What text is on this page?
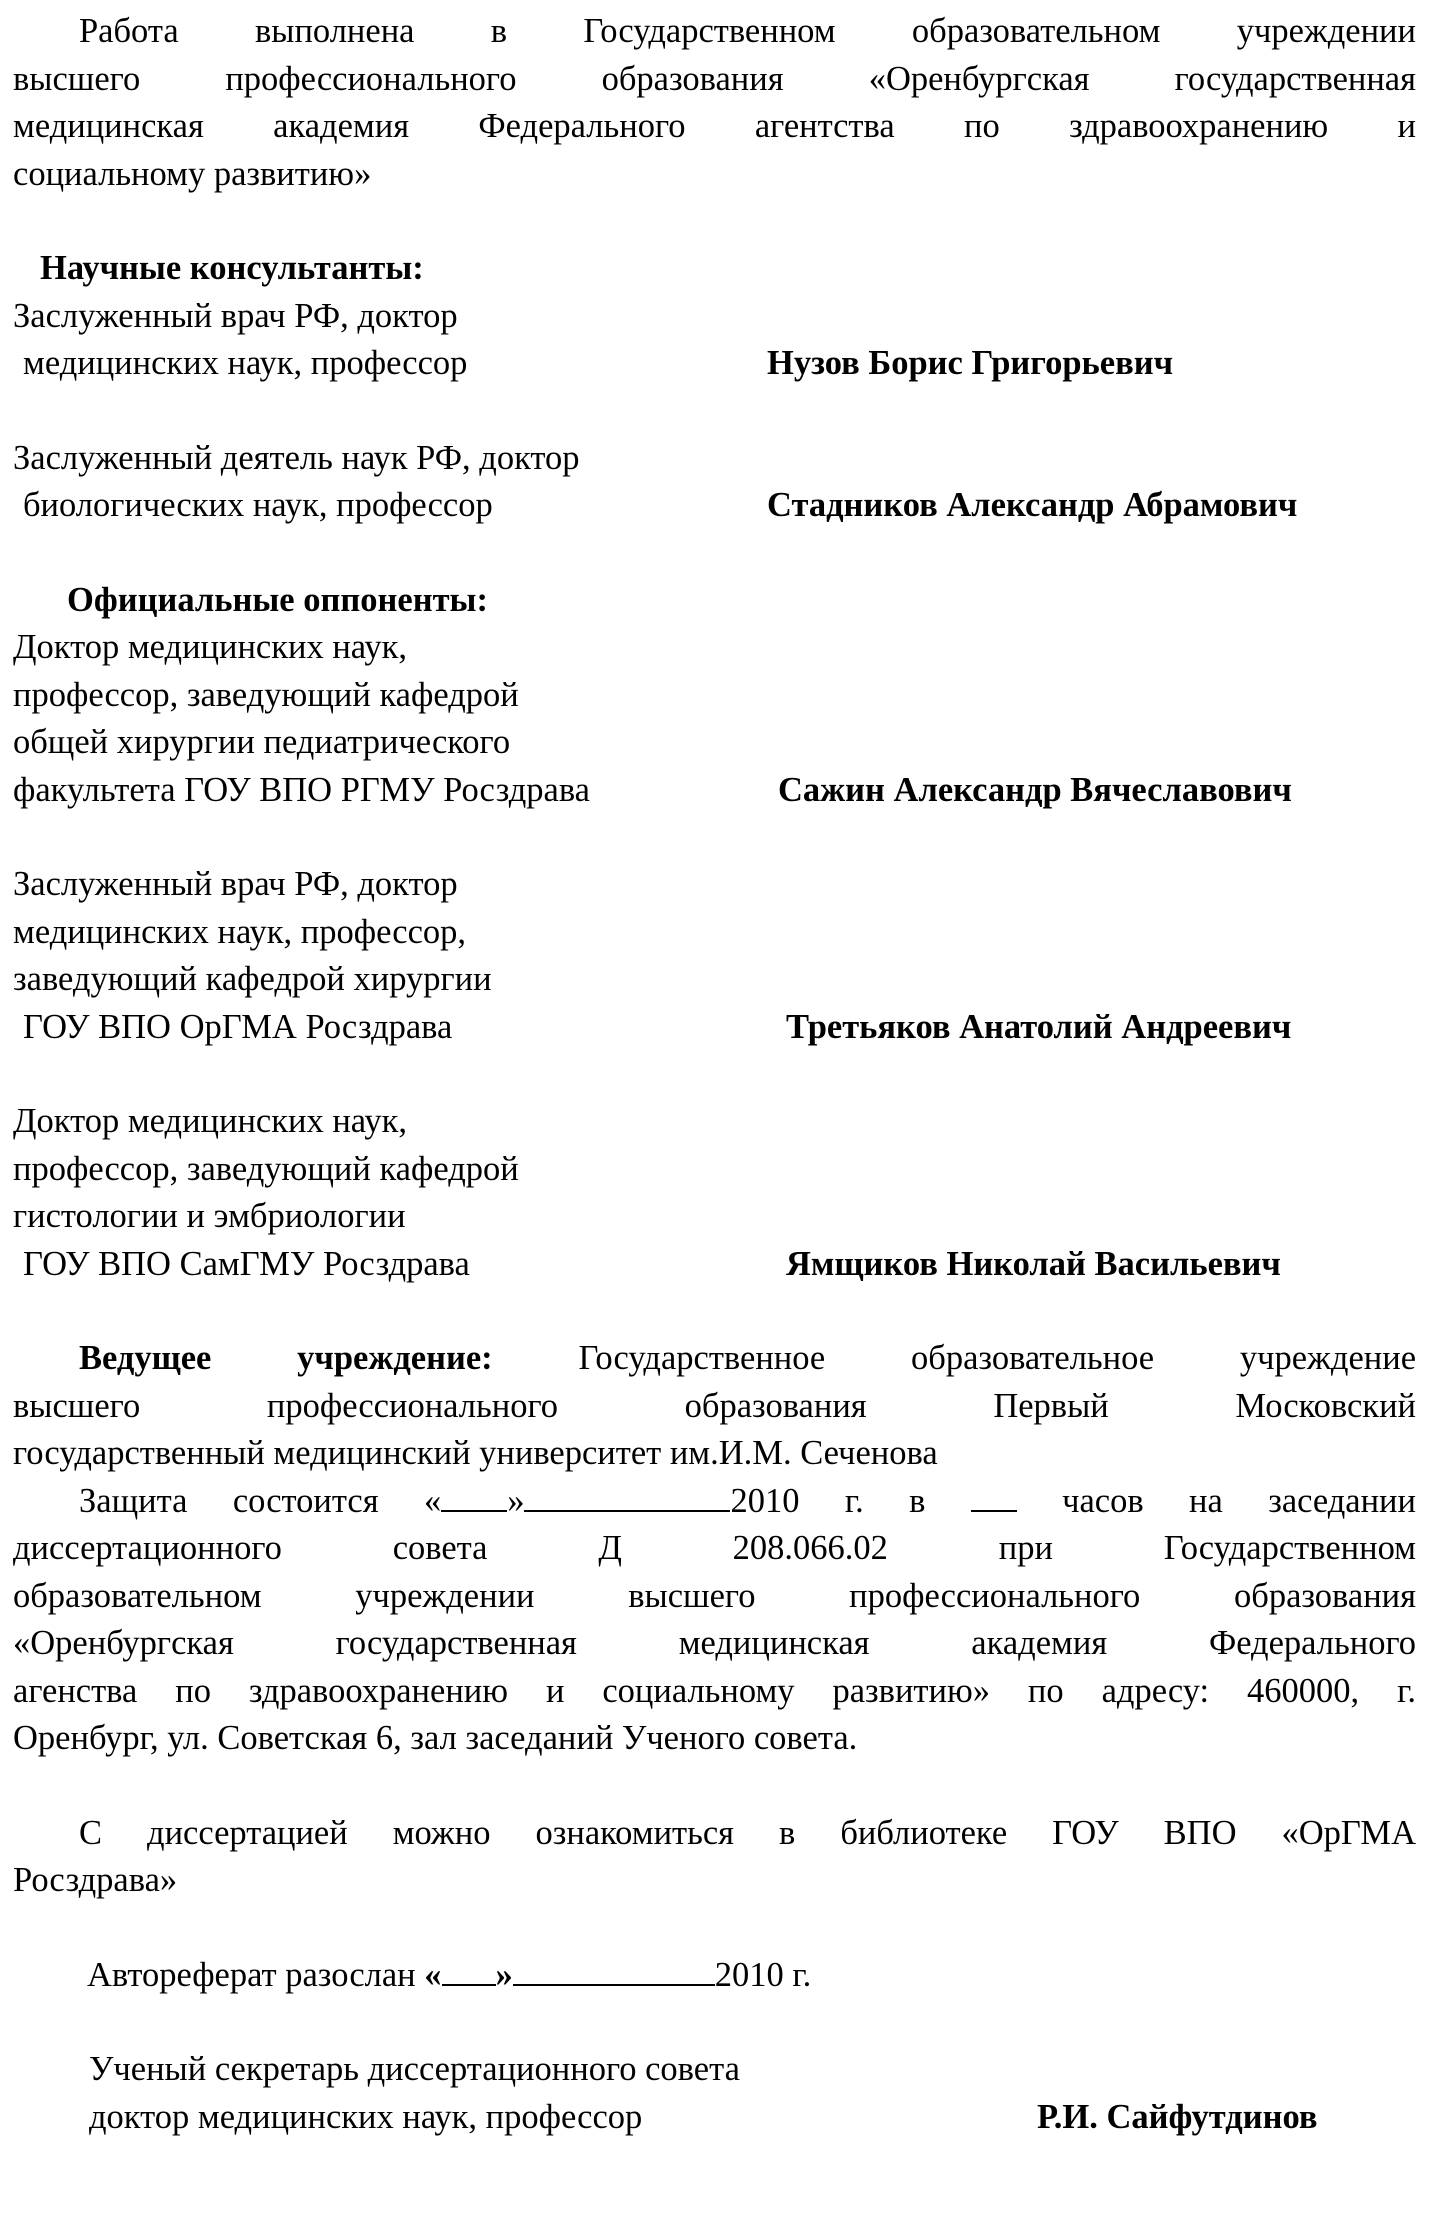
Работа выполнена в Государственном образовательном учреждении
высшего профессионального образования «Оренбургская государственная
медицинская академия Федерального агентства по здравоохранению и
социальному развитию»
Научные консультанты:
Заслуженный врач РФ, доктор
медицинских наук, профессор	Нузов Борис Григорьевич
Заслуженный деятель наук РФ, доктор
биологических наук, профессор	Стадников Александр Абрамович
Официальные оппоненты:
Доктор медицинских наук,
профессор, заведующий кафедрой
общей хирургии педиатрического
факультета ГОУ ВПО РГМУ Росздрава	Сажин Александр Вячеславович
Заслуженный врач РФ, доктор
медицинских наук, профессор,
заведующий кафедрой хирургии
ГОУ ВПО ОрГМА Росздрава	Третьяков Анатолий Андреевич
Доктор медицинских наук,
профессор, заведующий кафедрой
гистологии и эмбриологии
ГОУ ВПО СамГМУ Росздрава	Ямщиков Николай Васильевич
Ведущее учреждение: Государственное образовательное учреждение
высшего профессионального образования Первый Московский
государственный медицинский университет им.И.М. Сеченова
Защита состоится « »	2010 г. в  часов на заседании
диссертационного совета Д 208.066.02 при Государственном
образовательном учреждении высшего профессионального образования
«Оренбургская государственная медицинская академия Федерального
агенства по здравоохранению и социальному развитию» по адресу: 460000, г.
Оренбург, ул. Советская 6, зал заседаний Ученого совета.
С диссертацией можно ознакомиться в библиотеке ГОУ ВПО «ОрГМА
Росздрава»
Автореферат разослан « »	2010 г.
Ученый секретарь диссертационного совета
доктор медицинских наук, профессор	Р.И. Сайфутдинов
